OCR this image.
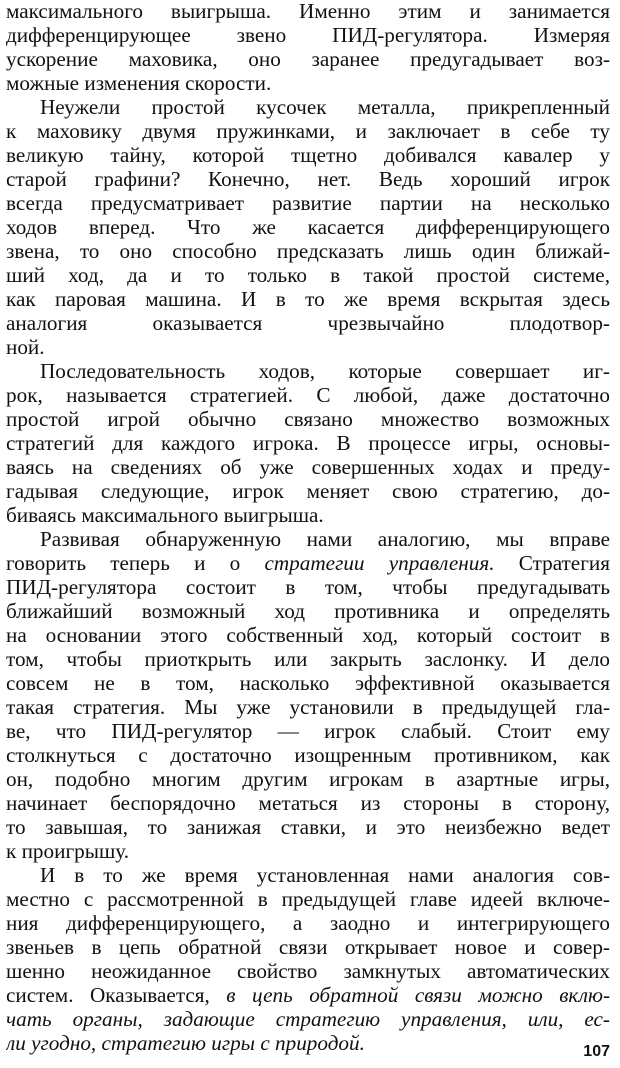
максимального выигрыша. Именно этим и занимается
дифференцирующее звено ПИД-регулятора. Измеряя
ускорение маховика, оно заранее предугадывает воз-
можные изменения скорости.
Неужели простой кусочек металла, прикрепленный
к маховику двумя пружинками, и заключает в себе ту
великую тайну, которой тщетно добивался кавалер у
старой графини? Конечно, нет. Ведь хороший игрок
всегда предусматривает развитие партии на несколько
ходов вперед. Что же касается дифференцирующего
звена, то оно способно предсказать лишь один ближай-
ший ход, да и то только в такой простой системе,
как паровая машина. И в то же время вскрытая здесь
аналогия оказывается чрезвычайно плодотвор-
ной.
Последовательность ходов, которые совершает иг-
рок, называется стратегией. С любой, даже достаточно
простой игрой обычно связано множество возможных
стратегий для каждого игрока. В процессе игры, основы-
ваясь на сведениях об уже совершенных ходах и преду-
гадывая следующие, игрок меняет свою стратегию, до-
биваясь максимального выигрыша.
Развивая обнаруженную нами аналогию, мы вправе
говорить теперь и о стратегии управления. Стратегия
ПИД-регулятора состоит в том, чтобы предугадывать
ближайший возможный ход противника и определять
на основании этого собственный ход, который состоит в
том, чтобы приоткрыть или закрыть заслонку. И дело
совсем не в том, насколько эффективной оказывается
такая стратегия. Мы уже установили в предыдущей гла-
ве, что ПИД-регулятор — игрок слабый. Стоит ему
столкнуться с достаточно изощренным противником, как
он, подобно многим другим игрокам в азартные игры,
начинает беспорядочно метаться из стороны в сторону,
то завышая, то занижая ставки, и это неизбежно ведет
к проигрышу.
И в то же время установленная нами аналогия сов-
местно с рассмотренной в предыдущей главе идеей включе-
ния дифференцирующего, а заодно и интегрирующего
звеньев в цепь обратной связи открывает новое и совер-
шенно неожиданное свойство замкнутых автоматических
систем. Оказывается, в цепь обратной связи можно вклю-
чать органы, задающие стратегию управления, или, ес-
ли угодно, стратегию игры с природой.	107
